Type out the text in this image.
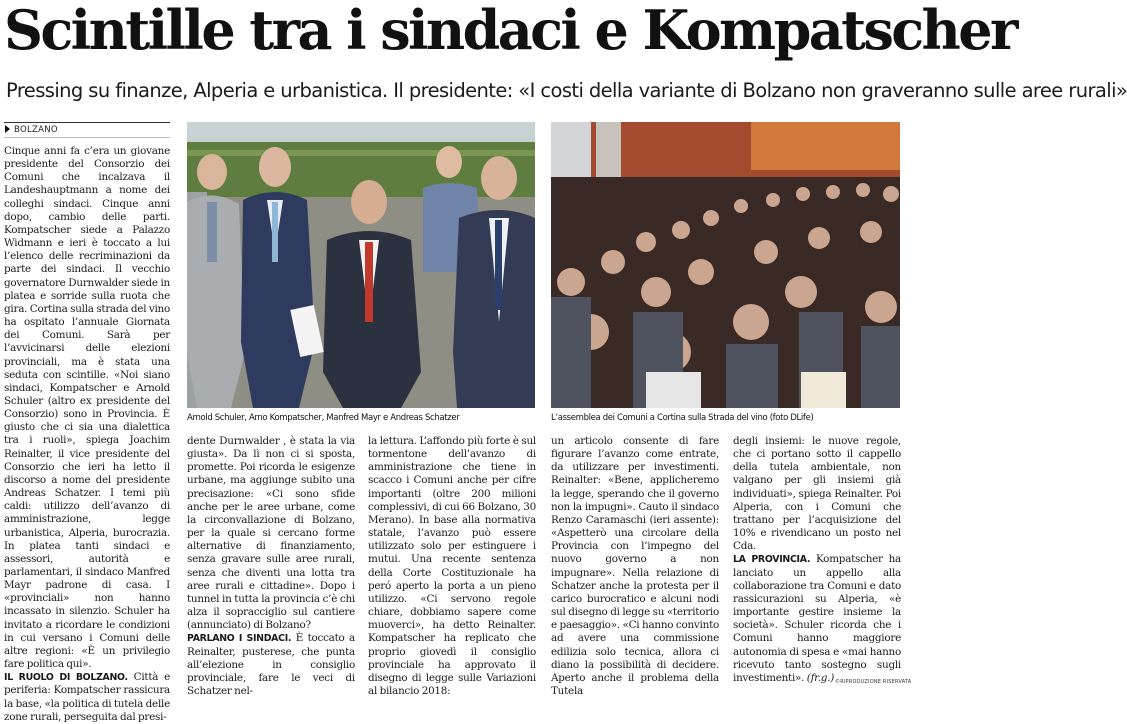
Scintille tra i sindaci e Kompatscher
Pressing su finanze, Alperia e urbanistica. Il presidente: «I costi della variante di Bolzano non graveranno sulle aree rurali»
BOLZANO
Arnold Schuler, Arno Kompatscher, Manfred Mayr e Andreas Schatzer	L’assemblea dei Comuni a Cortina sulla Strada del vino (foto DLife)

Cinque anni fa c’era un giovane presidente del Consorzio dei Comuni che incalzava il Landeshauptmann a nome dei colleghi sindaci. Cinque anni dopo, cambio delle parti. Kompatscher siede a Palazzo Widmann e ieri è toccato a lui l’elenco delle recriminazioni da parte dei sindaci. Il vecchio governatore Durnwalder siede in platea e sorride sulla ruota che gira. Cortina sulla strada del vino ha ospitato l’annuale Giornata dei Comuni. Sarà per l’avvicinarsi delle elezioni provinciali, ma è stata una seduta con scintille. «Noi siano sindaci, Kompatscher e Arnold Schuler (altro ex presidente del Consorzio) sono in Provincia. È giusto che ci sia una dialettica tra i ruoli», spiega Joachim Reinalter, il vice presidente del Consorzio che ieri ha letto il discorso a nome del presidente Andreas Schatzer. I temi più caldi: utilizzo dell’avanzo di amministrazione, legge urbanistica, Alperia, burocrazia. In platea tanti sindaci e assessori, autorità e parlamentari, il sindaco Manfred Mayr padrone di casa. I «provinciali» non hanno incassato in silenzio. Schuler ha invitato a ricordare le condizioni in cui versano i Comuni delle altre regioni: «È un privilegio fare politica qui».

IL RUOLO DI BOLZANO. Città e periferia: Kompatscher rassicura la base, «la politica di tutela delle zone rurali, perseguita dal presi-

dente Durnwalder , è stata la via giusta». Da lì non ci si sposta, promette. Poi ricorda le esigenze urbane, ma aggiunge subito una precisazione: «Ci sono sfide anche per le aree urbane, come la circonvallazione di Bolzano, per la quale si cercano forme alternative di finanziamento, senza gravare sulle aree rurali, senza che diventi una lotta tra aree rurali e cittadine». Dopo i tunnel in tutta la provincia c’è chi alza il sopracciglio sul cantiere (annunciato) di Bolzano?

PARLANO I SINDACI. È toccato a Reinalter, pusterese, che punta all’elezione in consiglio provinciale, fare le veci di Schatzer nel-

la lettura. L’affondo più forte è sul tormentone dell’avanzo di amministrazione che tiene in scacco i Comuni anche per cifre importanti (oltre 200 milioni complessivi, di cui 66 Bolzano, 30 Merano). In base alla normativa statale, l’avanzo può essere utilizzato solo per estinguere i mutui. Una recente sentenza della Corte Costituzionale ha peró aperto la porta a un pieno utilizzo. «Ci servono regole chiare, dobbiamo sapere come muoverci», ha detto Reinalter. Kompatscher ha replicato che proprio giovedì il consiglio provinciale ha approvato il disegno di legge sulle Variazioni al bilancio 2018:

un articolo consente di fare figurare l’avanzo come entrate, da utilizzare per investimenti. Reinalter: «Bene, applicheremo la legge, sperando che il governo non la impugni». Cauto il sindaco Renzo Caramaschi (ieri assente): «Aspetterò una circolare della Provincia con l’impegno del nuovo governo a non impugnare». Nella relazione di Schatzer anche la protesta per il carico burocratico e alcuni nodi sul disegno di legge su «territorio e paesaggio». «Ci hanno convinto ad avere una commissione edilizia solo tecnica, allora ci diano la possibilità di decidere. Aperto anche il problema della Tutela

degli insiemi: le nuove regole, che ci portano sotto il cappello della tutela ambientale, non valgano per gli insiemi già individuati», spiega Reinalter. Poi Alperia, con i Comuni che trattano per l’acquisizione del 10% e rivendicano un posto nel Cda.

LA PROVINCIA. Kompatscher ha lanciato un appello alla collaborazione tra Comuni e dato rassicurazioni su Alperia, «è importante gestire insieme la società». Schuler ricorda che i Comuni hanno maggiore autonomia di spesa e «mai hanno ricevuto tanto sostegno sugli investimenti». (fr.g.) ©RIPRODUZIONE RISERVATA
